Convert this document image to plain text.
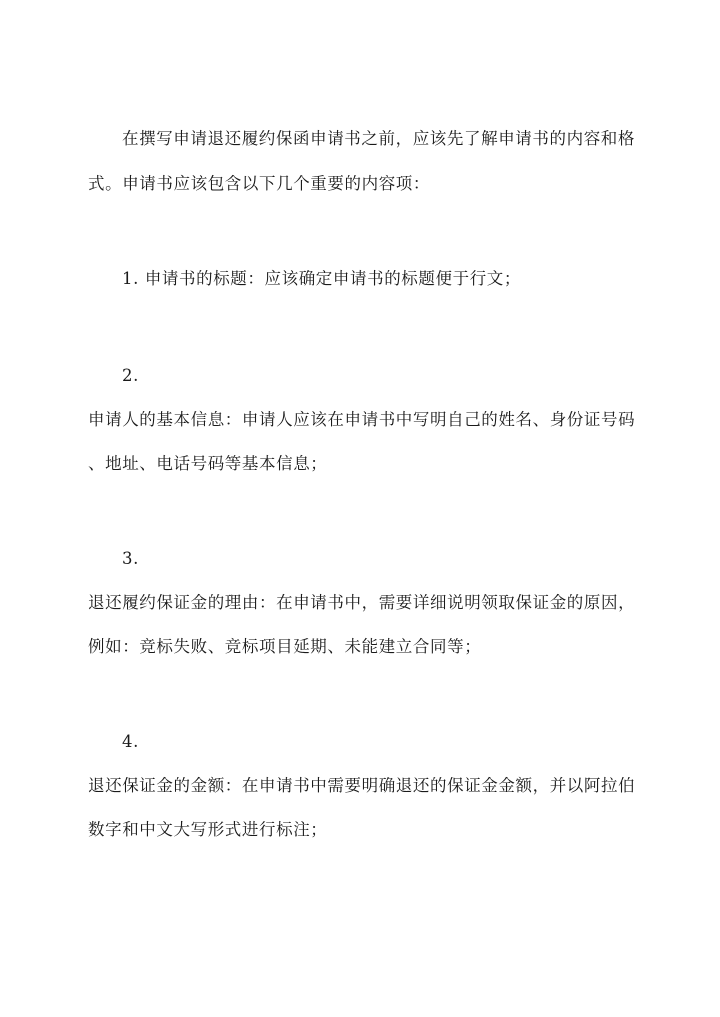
在撰写申请退还履约保函申请书之前，应该先了解申请书的内容和格
式。申请书应该包含以下几个重要的内容项：
1. 申请书的标题：应该确定申请书的标题便于行文；
2.
申请人的基本信息：申请人应该在申请书中写明自己的姓名、身份证号码
、地址、电话号码等基本信息；
3.
退还履约保证金的理由：在申请书中，需要详细说明领取保证金的原因，
例如：竞标失败、竞标项目延期、未能建立合同等；
4.
退还保证金的金额：在申请书中需要明确退还的保证金金额，并以阿拉伯
数字和中文大写形式进行标注；
